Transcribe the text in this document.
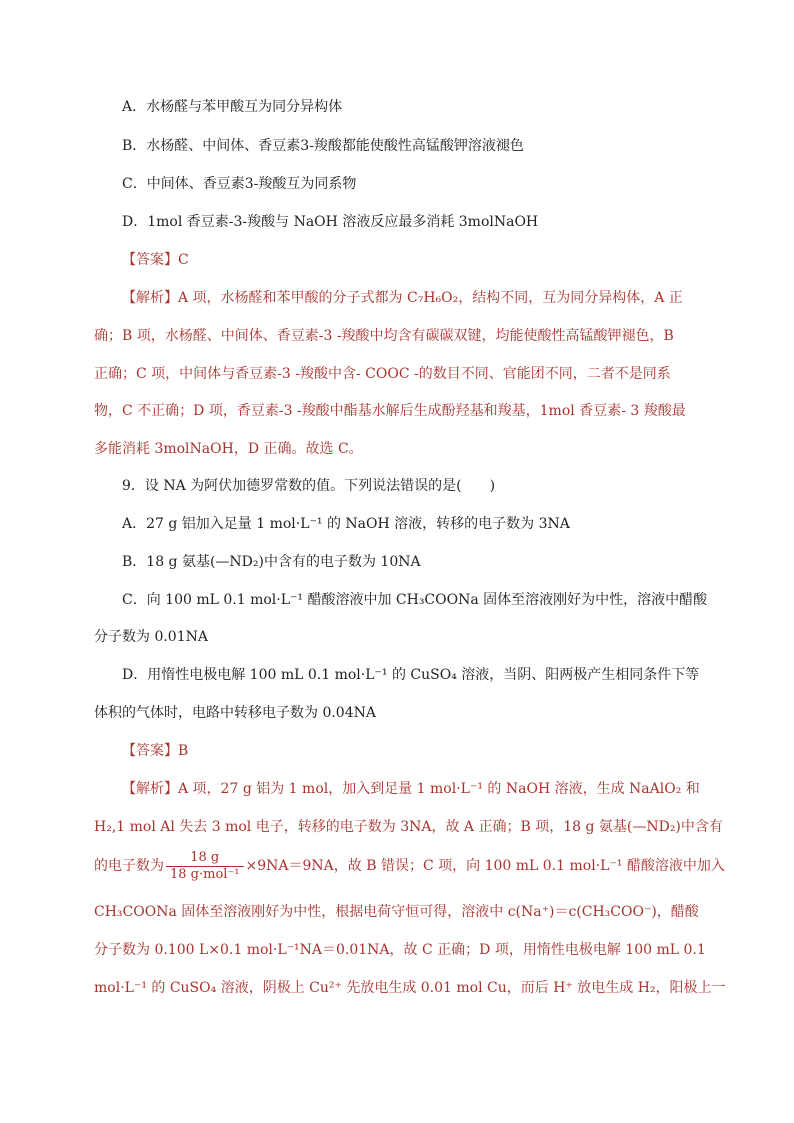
A．水杨醛与苯甲酸互为同分异构体
B．水杨醛、中间体、香豆素3-羧酸都能使酸性高锰酸钾溶液褪色
C．中间体、香豆素3-羧酸互为同系物
D．1mol 香豆素-3-羧酸与 NaOH 溶液反应最多消耗 3molNaOH
【答案】C
【解析】A 项，水杨醛和苯甲酸的分子式都为 C₇H₆O₂，结构不同，互为同分异构体，A 正
确；B 项，水杨醛、中间体、香豆素-3 -羧酸中均含有碳碳双键，均能使酸性高锰酸钾褪色，B
正确；C 项，中间体与香豆素-3 -羧酸中含- COOC -的数目不同、官能团不同，二者不是同系
物，C 不正确；D 项，香豆素-3 -羧酸中酯基水解后生成酚羟基和羧基，1mol 香豆素- 3 羧酸最
多能消耗 3molNaOH，D 正确。故选 C。
9．设 NA 为阿伏加德罗常数的值。下列说法错误的是(　　)
A．27 g 铝加入足量 1 mol·L⁻¹ 的 NaOH 溶液，转移的电子数为 3NA
B．18 g 氨基(—ND₂)中含有的电子数为 10NA
C．向 100 mL 0.1 mol·L⁻¹ 醋酸溶液中加 CH₃COONa 固体至溶液刚好为中性，溶液中醋酸
分子数为 0.01NA
D．用惰性电极电解 100 mL 0.1 mol·L⁻¹ 的 CuSO₄ 溶液，当阴、阳两极产生相同条件下等
体积的气体时，电路中转移电子数为 0.04NA
【答案】B
【解析】A 项，27 g 铝为 1 mol，加入到足量 1 mol·L⁻¹ 的 NaOH 溶液，生成 NaAlO₂ 和
H₂,1 mol Al 失去 3 mol 电子，转移的电子数为 3NA，故 A 正确；B 项，18 g 氨基(—ND₂)中含有
的电子数为 $\frac{18 g}{\text{18 g·mol⁻¹}} \times 9NA=9NA$，故 B 错误；C 项，向 100 mL 0.1 mol·L⁻¹ 醋酸溶液中加入
CH₃COONa 固体至溶液刚好为中性，根据电荷守恒可得，溶液中 c(Na⁺)＝c(CH₃COO⁻)，醋酸
分子数为 0.100 L×0.1 mol·L⁻¹NA＝0.01NA，故 C 正确；D 项，用惰性电极电解 100 mL 0.1
mol·L⁻¹ 的 CuSO₄ 溶液，阴极上 Cu²⁺ 先放电生成 0.01 mol Cu，而后 H⁺ 放电生成 H₂，阳极上一
